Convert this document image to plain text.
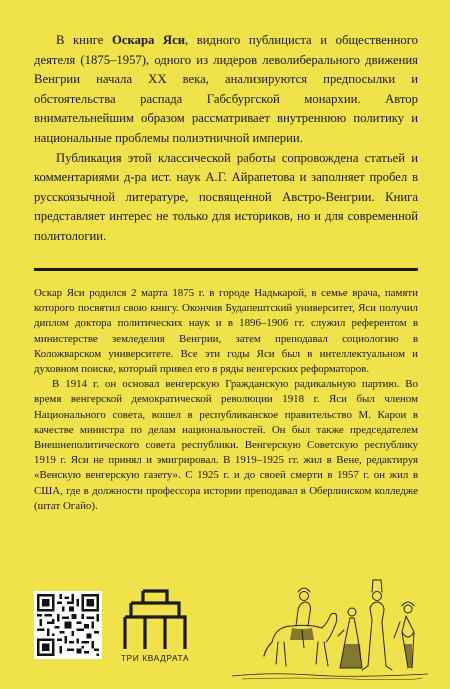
В книге Оскара Яси, видного публициста и общественного деятеля (1875–1957), одного из лидеров леволиберального движения Венгрии начала XX века, анализируются предпосылки и обстоятельства распада Габсбургской монархии. Автор внимательнейшим образом рассматривает внутреннюю политику и национальные проблемы полиэтничной империи.

Публикация этой классической работы сопровождена статьей и комментариями д-ра ист. наук А.Г. Айрапетова и заполняет пробел в русскоязычной литературе, посвященной Австро-Венгрии. Книга представляет интерес не только для историков, но и для современной политологии.

Оскар Яси родился 2 марта 1875 г. в городе Надькарой, в семье врача, памяти которого посвятил свою книгу. Окончив Будапештский университет, Яси получил диплом доктора политических наук и в 1896–1906 гг. служил референтом в министерстве земледелия Венгрии, затем преподавал социологию в Коложварском университете. Все эти годы Яси был в интеллектуальном и духовном поиске, который привел его в ряды венгерских реформаторов.

В 1914 г. он основал венгерскую Гражданскую радикальную партию. Во время венгерской демократической революции 1918 г. Яси был членом Национального совета, вошел в республиканское правительство М. Карои в качестве министра по делам национальностей. Он был также председателем Внешнеполитического совета республики. Венгерскую Советскую республику 1919 г. Яси не принял и эмигрировал. В 1919–1925 гг. жил в Вене, редактируя «Венскую венгерскую газету». С 1925 г. и до своей смерти в 1957 г. он жил в США, где в должности профессора истории преподавал в Оберлинском колледже (штат Огайо).

ТРИ КВАДРАТА
